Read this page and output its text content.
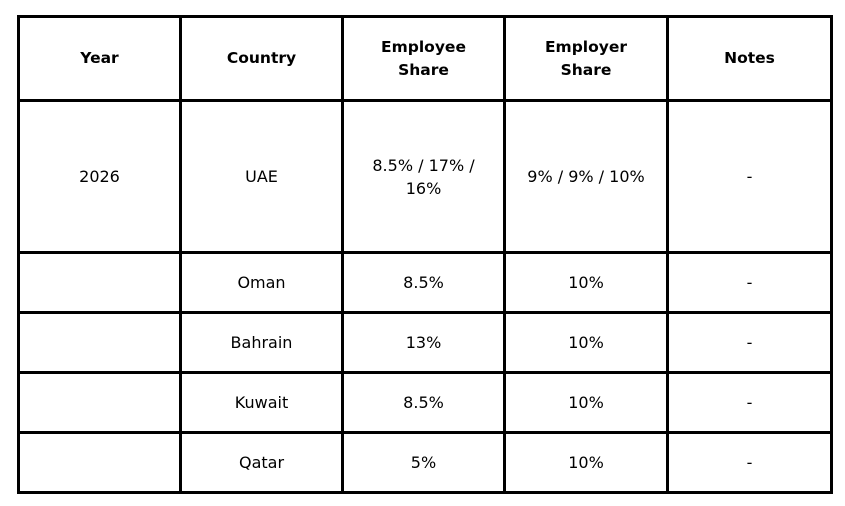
Year	Country	Employee Share	Employer Share	Notes
2026	UAE	8.5% / 17% / 16%	9% / 9% / 10%	-
	Oman	8.5%	10%	-
	Bahrain	13%	10%	-
	Kuwait	8.5%	10%	-
	Qatar	5%	10%	-
